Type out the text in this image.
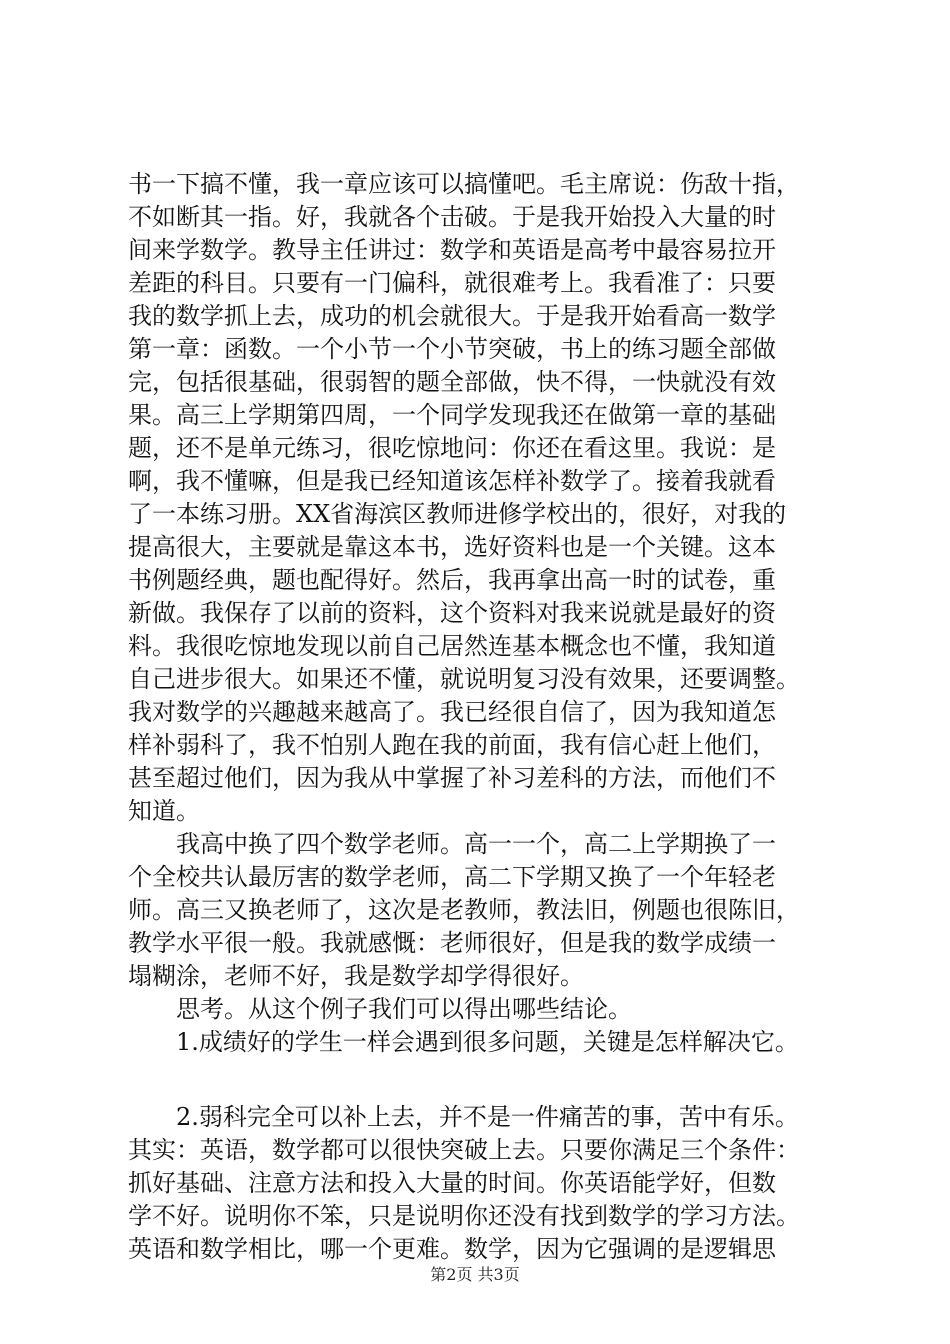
书一下搞不懂，我一章应该可以搞懂吧。毛主席说：伤敌十指，
不如断其一指。好，我就各个击破。于是我开始投入大量的时
间来学数学。教导主任讲过：数学和英语是高考中最容易拉开
差距的科目。只要有一门偏科，就很难考上。我看准了：只要
我的数学抓上去，成功的机会就很大。于是我开始看高一数学
第一章：函数。一个小节一个小节突破，书上的练习题全部做
完，包括很基础，很弱智的题全部做，快不得，一快就没有效
果。高三上学期第四周，一个同学发现我还在做第一章的基础
题，还不是单元练习，很吃惊地问：你还在看这里。我说：是
啊，我不懂嘛，但是我已经知道该怎样补数学了。接着我就看
了一本练习册。XX省海滨区教师进修学校出的，很好，对我的
提高很大，主要就是靠这本书，选好资料也是一个关键。这本
书例题经典，题也配得好。然后，我再拿出高一时的试卷，重
新做。我保存了以前的资料，这个资料对我来说就是最好的资
料。我很吃惊地发现以前自己居然连基本概念也不懂，我知道
自己进步很大。如果还不懂，就说明复习没有效果，还要调整。
我对数学的兴趣越来越高了。我已经很自信了，因为我知道怎
样补弱科了，我不怕别人跑在我的前面，我有信心赶上他们，
甚至超过他们，因为我从中掌握了补习差科的方法，而他们不
知道。
我高中换了四个数学老师。高一一个，高二上学期换了一
个全校共认最厉害的数学老师，高二下学期又换了一个年轻老
师。高三又换老师了，这次是老教师，教法旧，例题也很陈旧，
教学水平很一般。我就感慨：老师很好，但是我的数学成绩一
塌糊涂，老师不好，我是数学却学得很好。
思考。从这个例子我们可以得出哪些结论。
1.成绩好的学生一样会遇到很多问题，关键是怎样解决它。
2.弱科完全可以补上去，并不是一件痛苦的事，苦中有乐。
其实：英语，数学都可以很快突破上去。只要你满足三个条件：
抓好基础、注意方法和投入大量的时间。你英语能学好，但数
学不好。说明你不笨，只是说明你还没有找到数学的学习方法。
英语和数学相比，哪一个更难。数学，因为它强调的是逻辑思
第2页 共3页
